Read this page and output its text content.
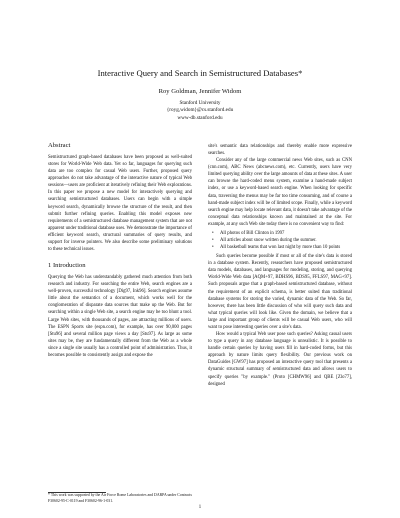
Interactive Query and Search in Semistructured Databases*
Roy Goldman, Jennifer Widom
Stanford University
{royg,widom}@cs.stanford.edu
www-db.stanford.edu
Abstract

Semistructured graph-based databases have been proposed as well-suited stores for World-Wide Web data. Yet so far, languages for querying such data are too complex for casual Web users. Further, proposed query approaches do not take advantage of the interactive nature of typical Web sessions—users are proficient at iteratively refining their Web explorations. In this paper we propose a new model for interactively querying and searching semistructured databases. Users can begin with a simple keyword search, dynamically browse the structure of the result, and then submit further refining queries. Enabling this model exposes new requirements of a semistructured database management system that are not apparent under traditional database uses. We demonstrate the importance of efficient keyword search, structural summaries of query results, and support for inverse pointers. We also describe some preliminary solutions to these technical issues.

1 Introduction

Querying the Web has understandably gathered much attention from both research and industry. For searching the entire Web, search engines are a well-proven, successful technology [Dig97, Ink96]. Search engines assume little about the semantics of a document, which works well for the conglomeration of disparate data sources that make up the Web. But for searching within a single Web site, a search engine may be too blunt a tool. Large Web sites, with thousands of pages, are attracting millions of users. The ESPN Sports site (espn.com), for example, has over 90,000 pages [Stu96] and several million page views a day [Stu97]. As large as some sites may be, they are fundamentally different from the Web as a whole since a single site usually has a controlled point of administration. Thus, it becomes possible to consistently assign and expose the

* This work was supported by the Air Force Rome Laboratories and DARPA under Contracts F30602-95-C-0119 and F30602-96-1-031.

site's semantic data relationships and thereby enable more expressive searches.

Consider any of the large commercial news Web sites, such as CNN (cnn.com), ABC News (abcnews.com), etc. Currently, users have very limited querying ability over the large amounts of data at these sites. A user can browse the hard-coded menu system, examine a hand-made subject index, or use a keyword-based search engine. When looking for specific data, traversing the menus may be far too time consuming, and of course a hand-made subject index will be of limited scope. Finally, while a keyword search engine may help locate relevant data, it doesn't take advantage of the conceptual data relationships known and maintained at the site. For example, at any such Web site today there is no convenient way to find:

• All photos of Bill Clinton in 1997
• All articles about snow written during the summer.
• All basketball teams that won last night by more than 10 points

Such queries become possible if most or all of the site's data is stored in a database system. Recently, researchers have proposed semistructured data models, databases, and languages for modeling, storing, and querying World-Wide Web data [AQM+97, BDHS96, BDS95, FFLS97, MAG+97]. Such proposals argue that a graph-based semistructured database, without the requirement of an explicit schema, is better suited than traditional database systems for storing the varied, dynamic data of the Web. So far, however, there has been little discussion of who will query such data and what typical queries will look like. Given the domain, we believe that a large and important group of clients will be casual Web users, who will want to pose interesting queries over a site's data.

How would a typical Web user pose such queries? Asking casual users to type a query in any database language is unrealistic. It is possible to handle certain queries by having users fill in hard-coded forms, but this approach by nature limits query flexibility. Our previous work on DataGuides [GW97] has proposed an interactive query tool that presents a dynamic structural summary of semistructured data and allows users to specify queries "by example." (Proto [CHMW96] and QBE [Zlo77], designed

1
